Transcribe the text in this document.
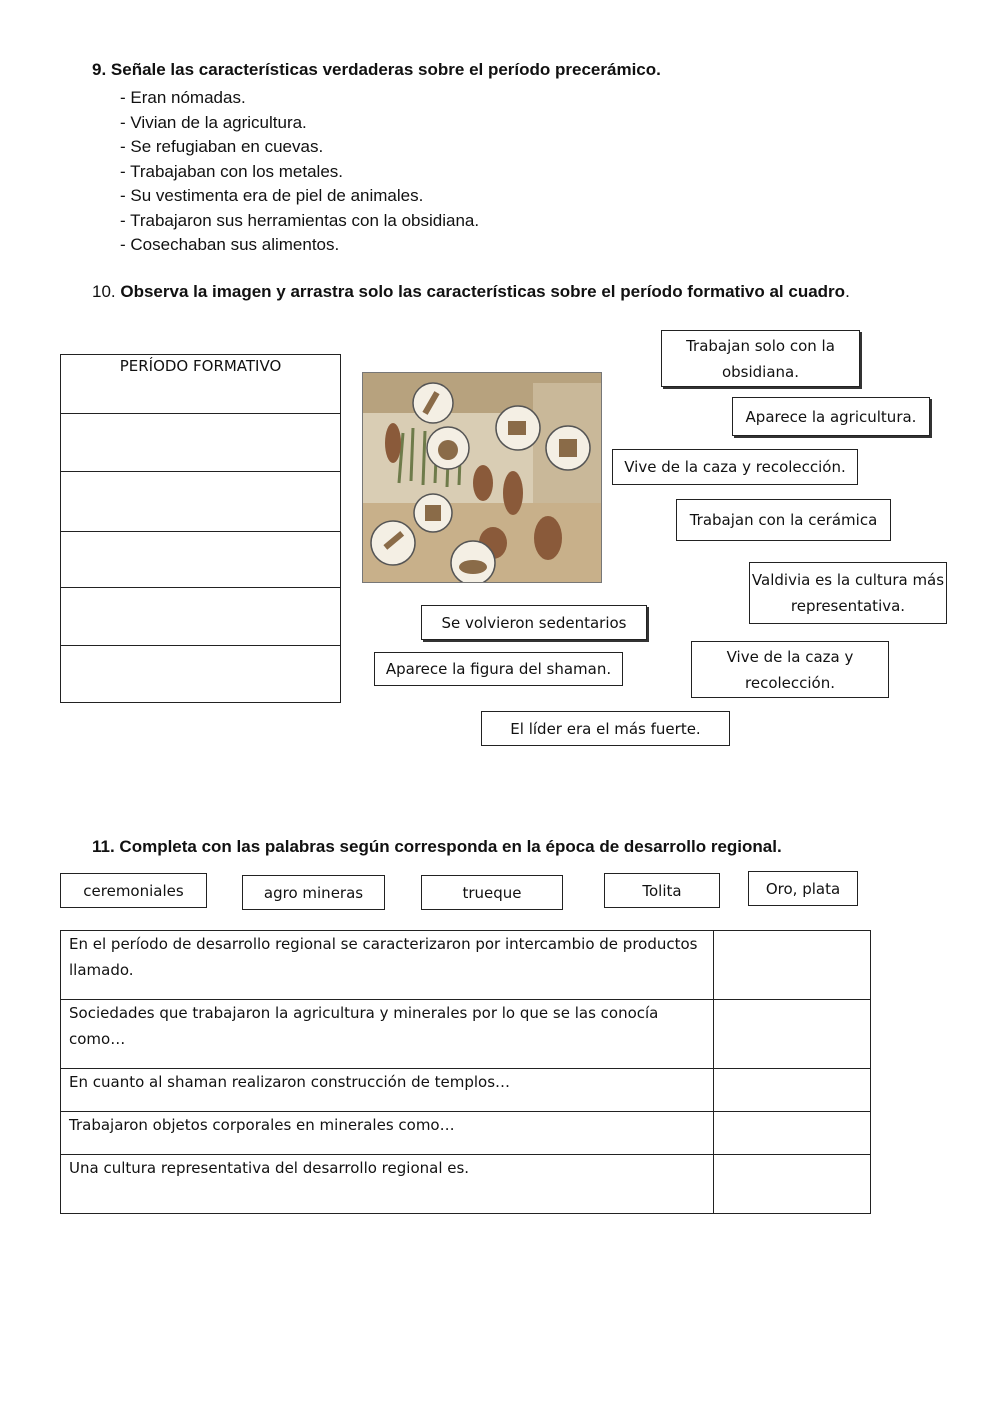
9. Señale las características verdaderas sobre el período precerámico.
- Eran nómadas.
- Vivian de la agricultura.
- Se refugiaban en cuevas.
- Trabajaban con los metales.
- Su vestimenta era de piel de animales.
- Trabajaron sus herramientas con la obsidiana.
- Cosechaban sus alimentos.
10. Observa la imagen y arrastra solo las características sobre el período formativo al cuadro.
PERÍODO FORMATIVO

Trabajan solo con la obsidiana.
Aparece la agricultura.
Vive de la caza y recolección.
Trabajan con la cerámica
Valdivia es la cultura más representativa.
Se volvieron sedentarios
Aparece la figura del shaman.
Vive de la caza y recolección.
El líder era el más fuerte.
11. Completa con las palabras según corresponda en la época de desarrollo regional.
ceremoniales	agro mineras	trueque	Tolita	Oro, plata
En el período de desarrollo regional se caracterizaron por intercambio de productos llamado.	
Sociedades que trabajaron la agricultura y minerales por lo que se las conocía como…	
En cuanto al shaman realizaron construcción de templos…	
Trabajaron objetos corporales en minerales como…	
Una cultura representativa del desarrollo regional es.	
